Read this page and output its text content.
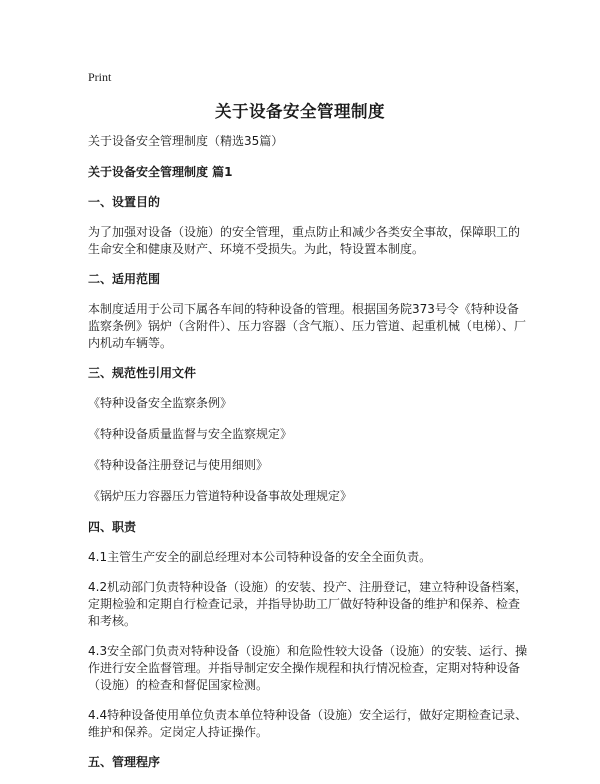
Print
关于设备安全管理制度

关于设备安全管理制度（精选35篇）

关于设备安全管理制度 篇1

一、设置目的

为了加强对设备（设施）的安全管理，重点防止和减少各类安全事故，保障职工的生命安全和健康及财产、环境不受损失。为此，特设置本制度。

二、适用范围

本制度适用于公司下属各车间的特种设备的管理。根据国务院373号令《特种设备监察条例》锅炉（含附件）、压力容器（含气瓶）、压力管道、起重机械（电梯）、厂内机动车辆等。

三、规范性引用文件

《特种设备安全监察条例》

《特种设备质量监督与安全监察规定》

《特种设备注册登记与使用细则》

《锅炉压力容器压力管道特种设备事故处理规定》

四、职责

4.1主管生产安全的副总经理对本公司特种设备的安全全面负责。

4.2机动部门负责特种设备（设施）的安装、投产、注册登记，建立特种设备档案，定期检验和定期自行检查记录，并指导协助工厂做好特种设备的维护和保养、检查和考核。

4.3安全部门负责对特种设备（设施）和危险性较大设备（设施）的安装、运行、操作进行安全监督管理。并指导制定安全操作规程和执行情况检查，定期对特种设备（设施）的检查和督促国家检测。

4.4特种设备使用单位负责本单位特种设备（设施）安全运行，做好定期检查记录、维护和保养。定岗定人持证操作。

五、管理程序
